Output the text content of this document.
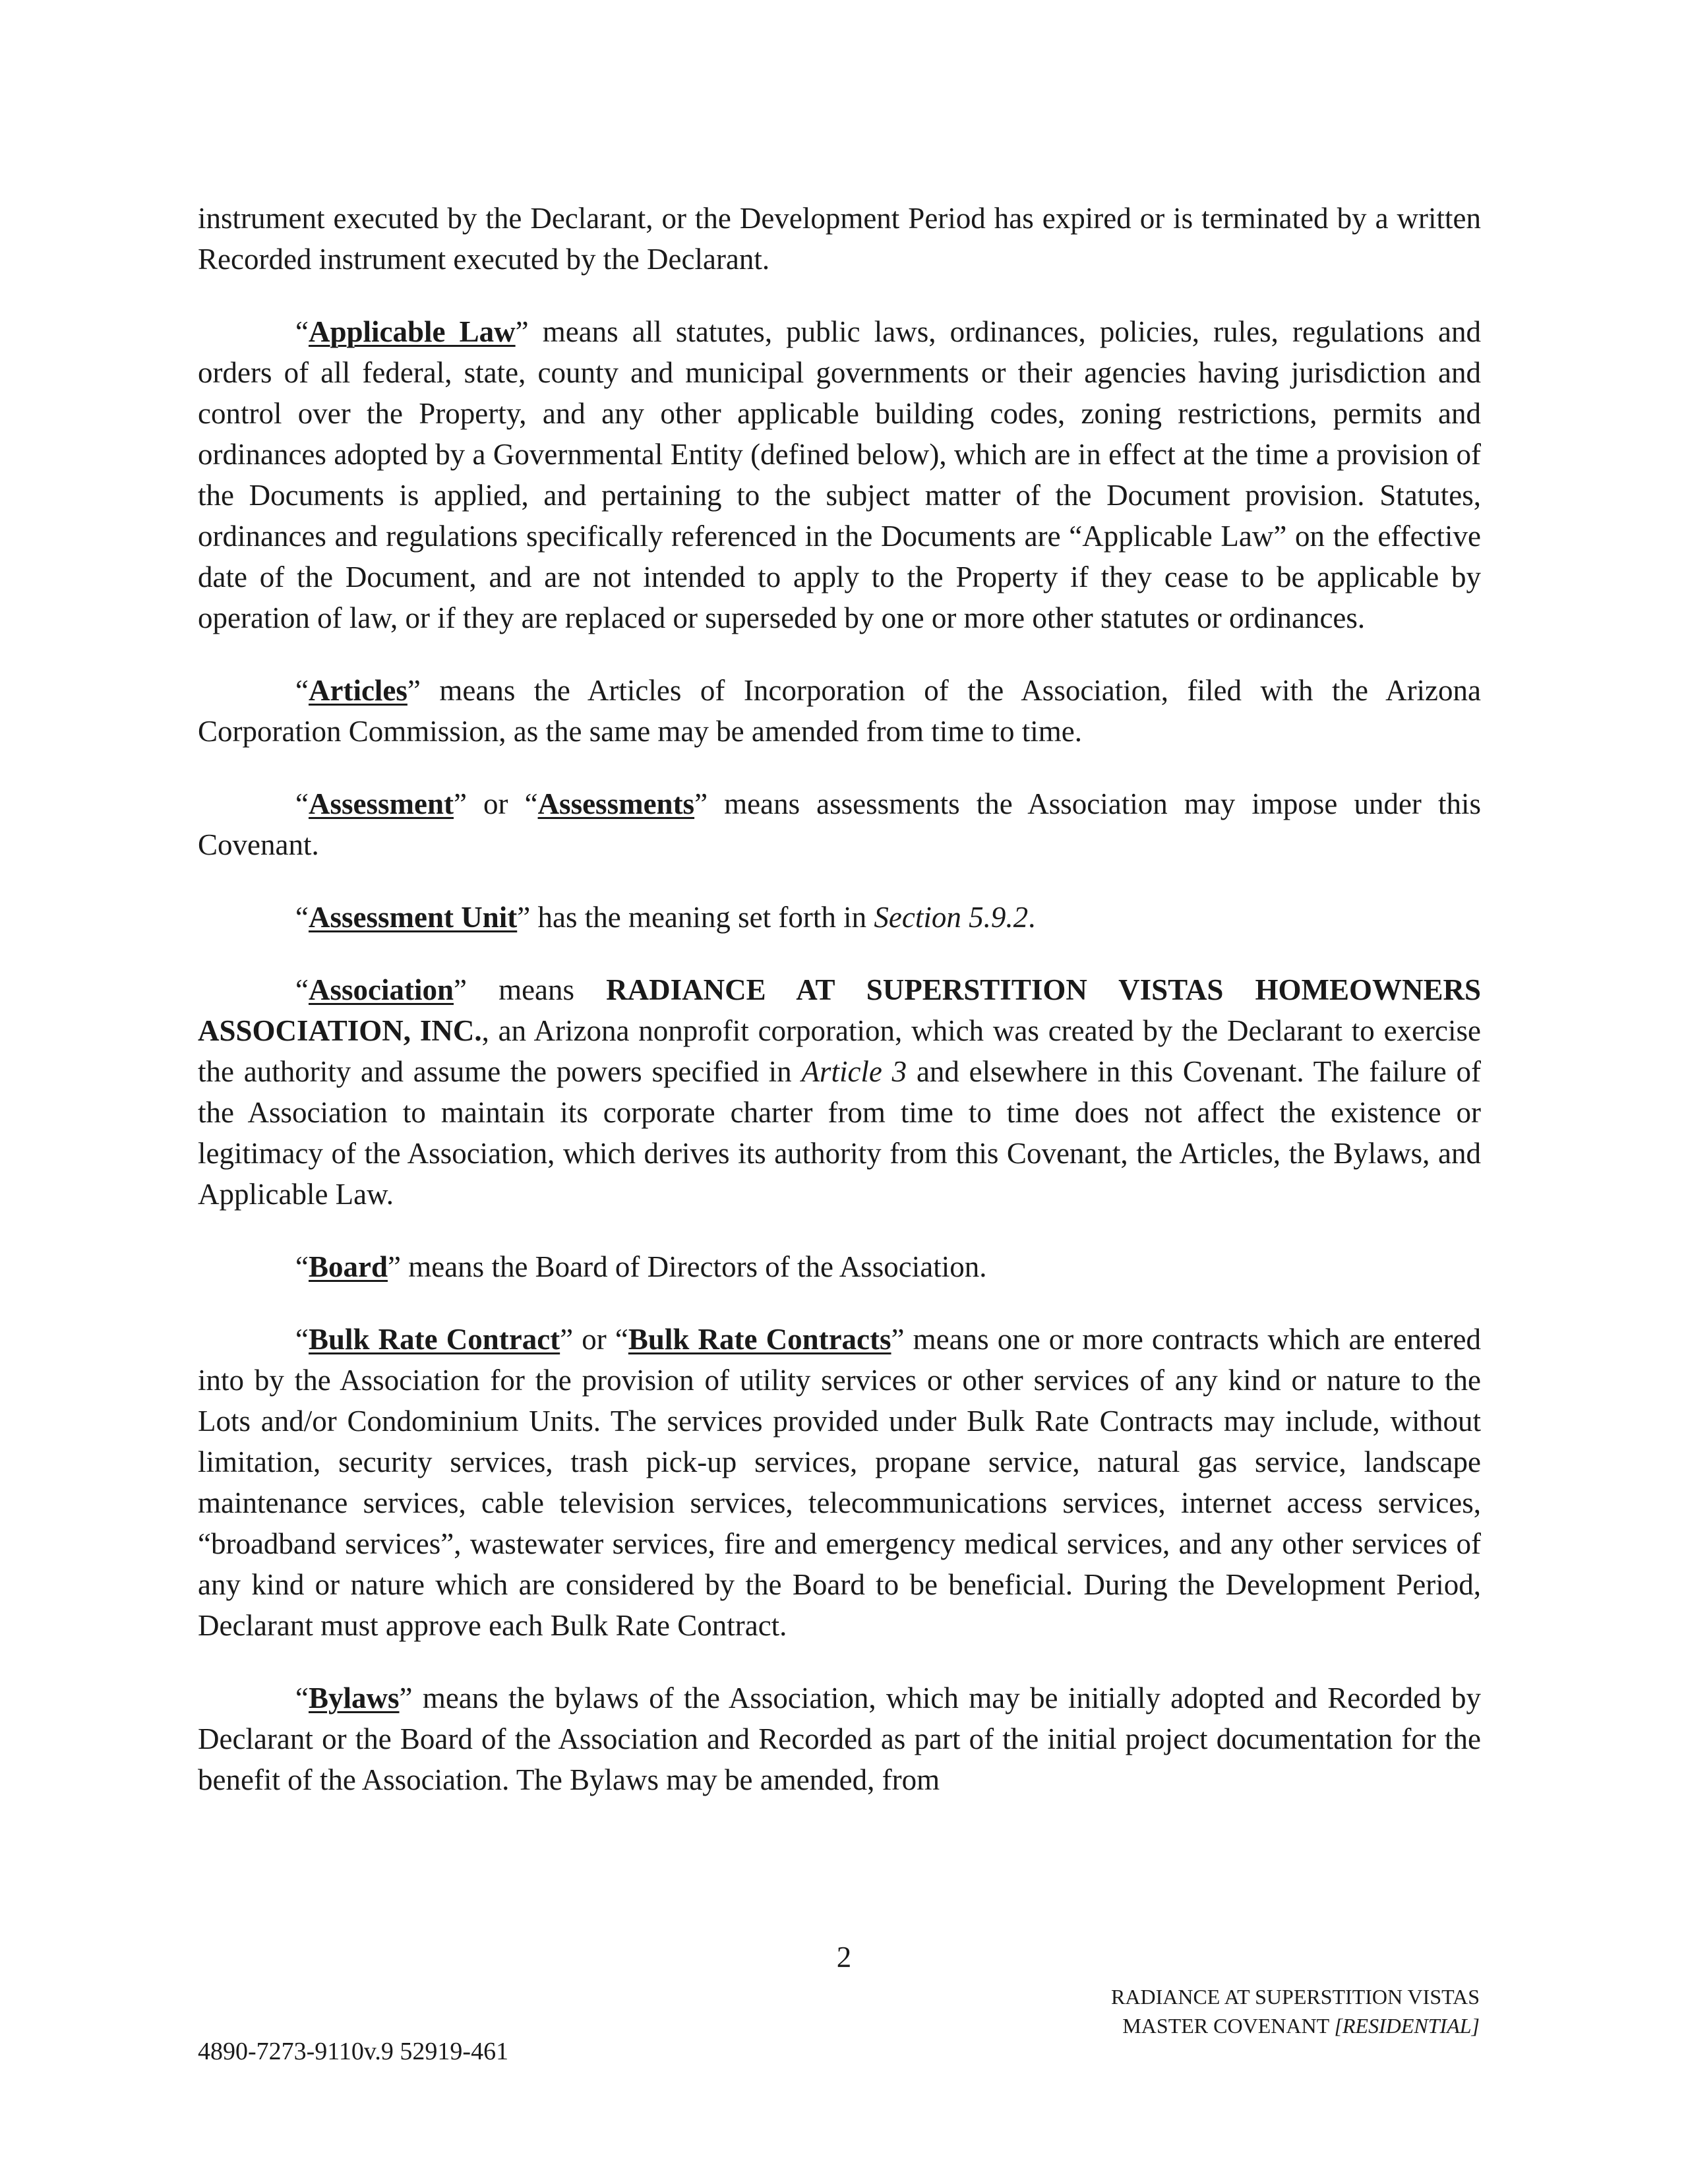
instrument executed by the Declarant, or the Development Period has expired or is terminated by a written Recorded instrument executed by the Declarant.

“Applicable Law” means all statutes, public laws, ordinances, policies, rules, regulations and orders of all federal, state, county and municipal governments or their agencies having jurisdiction and control over the Property, and any other applicable building codes, zoning restrictions, permits and ordinances adopted by a Governmental Entity (defined below), which are in effect at the time a provision of the Documents is applied, and pertaining to the subject matter of the Document provision. Statutes, ordinances and regulations specifically referenced in the Documents are “Applicable Law” on the effective date of the Document, and are not intended to apply to the Property if they cease to be applicable by operation of law, or if they are replaced or superseded by one or more other statutes or ordinances.

“Articles” means the Articles of Incorporation of the Association, filed with the Arizona Corporation Commission, as the same may be amended from time to time.

“Assessment” or “Assessments” means assessments the Association may impose under this Covenant.

“Assessment Unit” has the meaning set forth in Section 5.9.2.

“Association” means RADIANCE AT SUPERSTITION VISTAS HOMEOWNERS ASSOCIATION, INC., an Arizona nonprofit corporation, which was created by the Declarant to exercise the authority and assume the powers specified in Article 3 and elsewhere in this Covenant. The failure of the Association to maintain its corporate charter from time to time does not affect the existence or legitimacy of the Association, which derives its authority from this Covenant, the Articles, the Bylaws, and Applicable Law.

“Board” means the Board of Directors of the Association.

“Bulk Rate Contract” or “Bulk Rate Contracts” means one or more contracts which are entered into by the Association for the provision of utility services or other services of any kind or nature to the Lots and/or Condominium Units. The services provided under Bulk Rate Contracts may include, without limitation, security services, trash pick-up services, propane service, natural gas service, landscape maintenance services, cable television services, telecommunications services, internet access services, “broadband services”, wastewater services, fire and emergency medical services, and any other services of any kind or nature which are considered by the Board to be beneficial. During the Development Period, Declarant must approve each Bulk Rate Contract.

“Bylaws” means the bylaws of the Association, which may be initially adopted and Recorded by Declarant or the Board of the Association and Recorded as part of the initial project documentation for the benefit of the Association. The Bylaws may be amended, from

2
RADIANCE AT SUPERSTITION VISTAS
MASTER COVENANT [RESIDENTIAL]
4890-7273-9110v.9 52919-461
